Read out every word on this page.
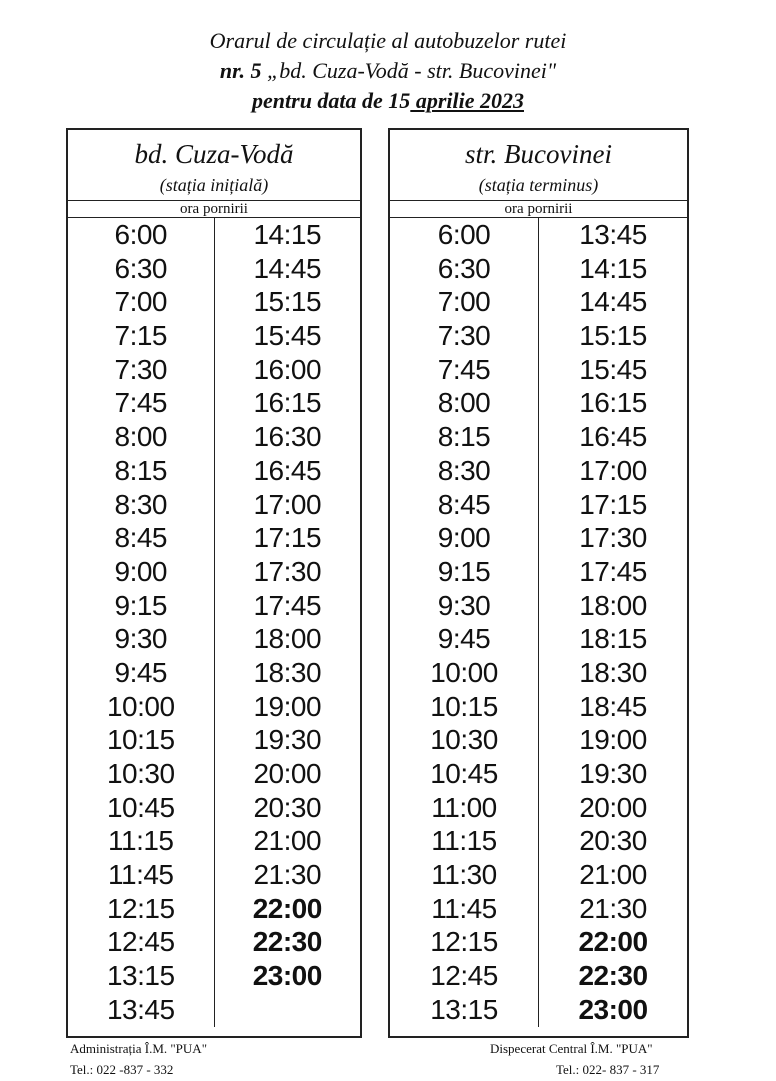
Orarul de circulație al autobuzelor rutei
nr. 5 „bd. Cuza-Vodă - str. Bucovinei"
pentru data de 15 aprilie 2023
bd. Cuza-Vodă
(stația inițială)
ora pornirii
6:00
6:30
7:00
7:15
7:30
7:45
8:00
8:15
8:30
8:45
9:00
9:15
9:30
9:45
10:00
10:15
10:30
10:45
11:15
11:45
12:15
12:45
13:15
13:45
14:15
14:45
15:15
15:45
16:00
16:15
16:30
16:45
17:00
17:15
17:30
17:45
18:00
18:30
19:00
19:30
20:00
20:30
21:00
21:30
22:00
22:30
23:00
str. Bucovinei
(stația terminus)
ora pornirii
6:00
6:30
7:00
7:30
7:45
8:00
8:15
8:30
8:45
9:00
9:15
9:30
9:45
10:00
10:15
10:30
10:45
11:00
11:15
11:30
11:45
12:15
12:45
13:15
13:45
14:15
14:45
15:15
15:45
16:15
16:45
17:00
17:15
17:30
17:45
18:00
18:15
18:30
18:45
19:00
19:30
20:00
20:30
21:00
21:30
22:00
22:30
23:00
Administrația Î.M. "PUA"
Tel.: 022 -837 - 332
Dispecerat Central Î.M. "PUA"
Tel.: 022- 837 - 317
